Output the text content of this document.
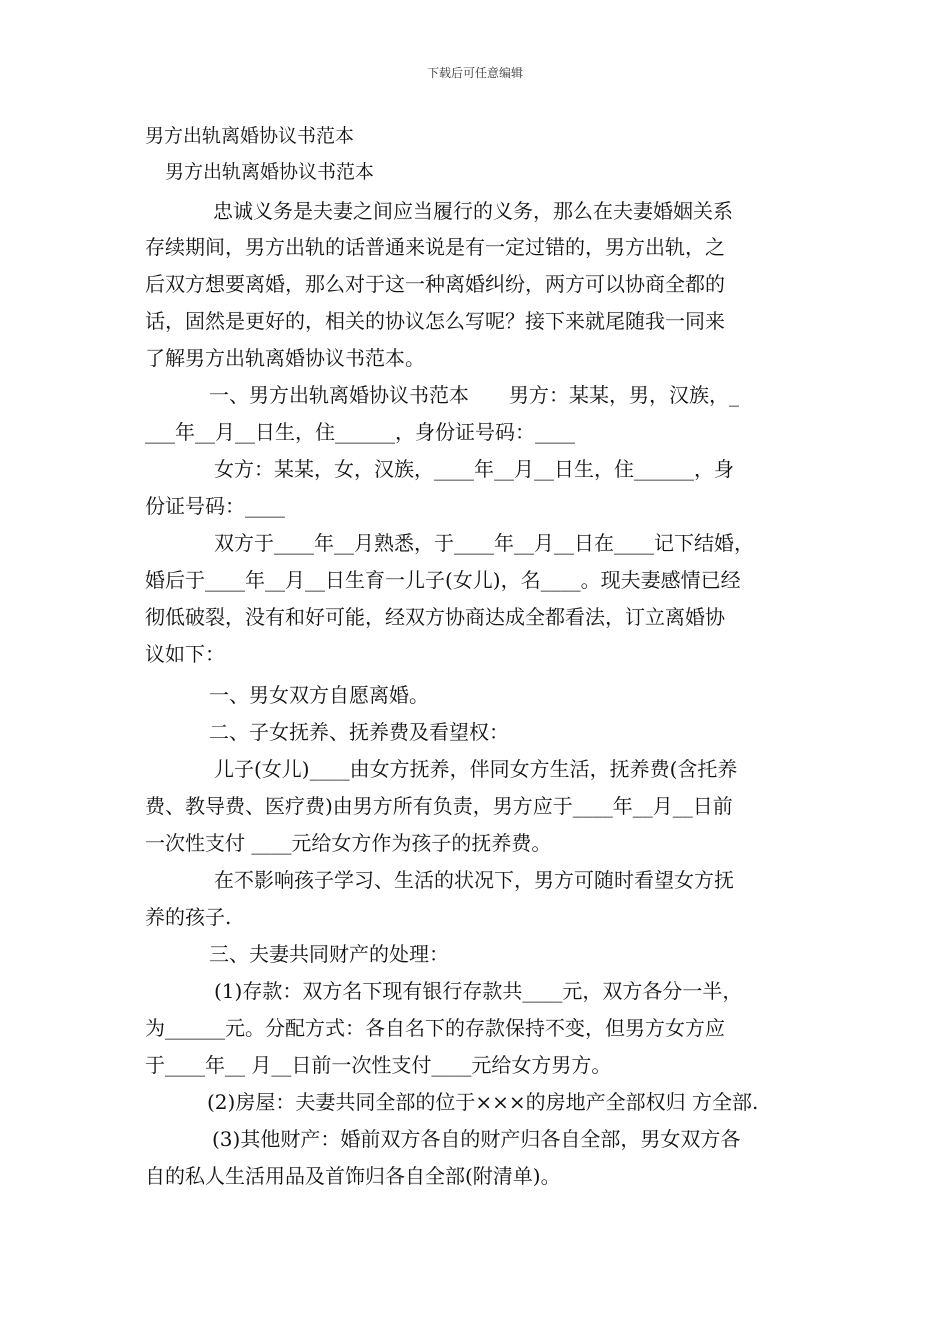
下载后可任意编辑
男方出轨离婚协议书范本
男方出轨离婚协议书范本
忠诚义务是夫妻之间应当履行的义务，那么在夫妻婚姻关系
存续期间，男方出轨的话普通来说是有一定过错的，男方出轨，之
后双方想要离婚，那么对于这一种离婚纠纷，两方可以协商全都的
话，固然是更好的，相关的协议怎么写呢？接下来就尾随我一同来
了解男方出轨离婚协议书范本。
一、男方出轨离婚协议书范本　　男方：某某，男，汉族，_
___年__月__日生，住______，身份证号码：____
女方：某某，女，汉族，____年__月__日生，住______，身
份证号码：____
双方于____年__月熟悉，于____年__月__日在____记下结婚，
婚后于____年__月__日生育一儿子(女儿)，名____。现夫妻感情已经
彻低破裂，没有和好可能，经双方协商达成全都看法，订立离婚协
议如下：
一、男女双方自愿离婚。
二、子女抚养、抚养费及看望权：
儿子(女儿)____由女方抚养，伴同女方生活，抚养费(含托养
费、教导费、医疗费)由男方所有负责，男方应于____年__月__日前
一次性支付 ____元给女方作为孩子的抚养费。
在不影响孩子学习、生活的状况下，男方可随时看望女方抚
养的孩子.
三、夫妻共同财产的处理：
(1)存款：双方名下现有银行存款共____元，双方各分一半，
为______元。分配方式：各自名下的存款保持不变，但男方女方应
于____年__ 月__日前一次性支付____元给女方男方。
(2)房屋：夫妻共同全部的位于×××的房地产全部权归 方全部.
(3)其他财产：婚前双方各自的财产归各自全部，男女双方各
自的私人生活用品及首饰归各自全部(附清单)。
